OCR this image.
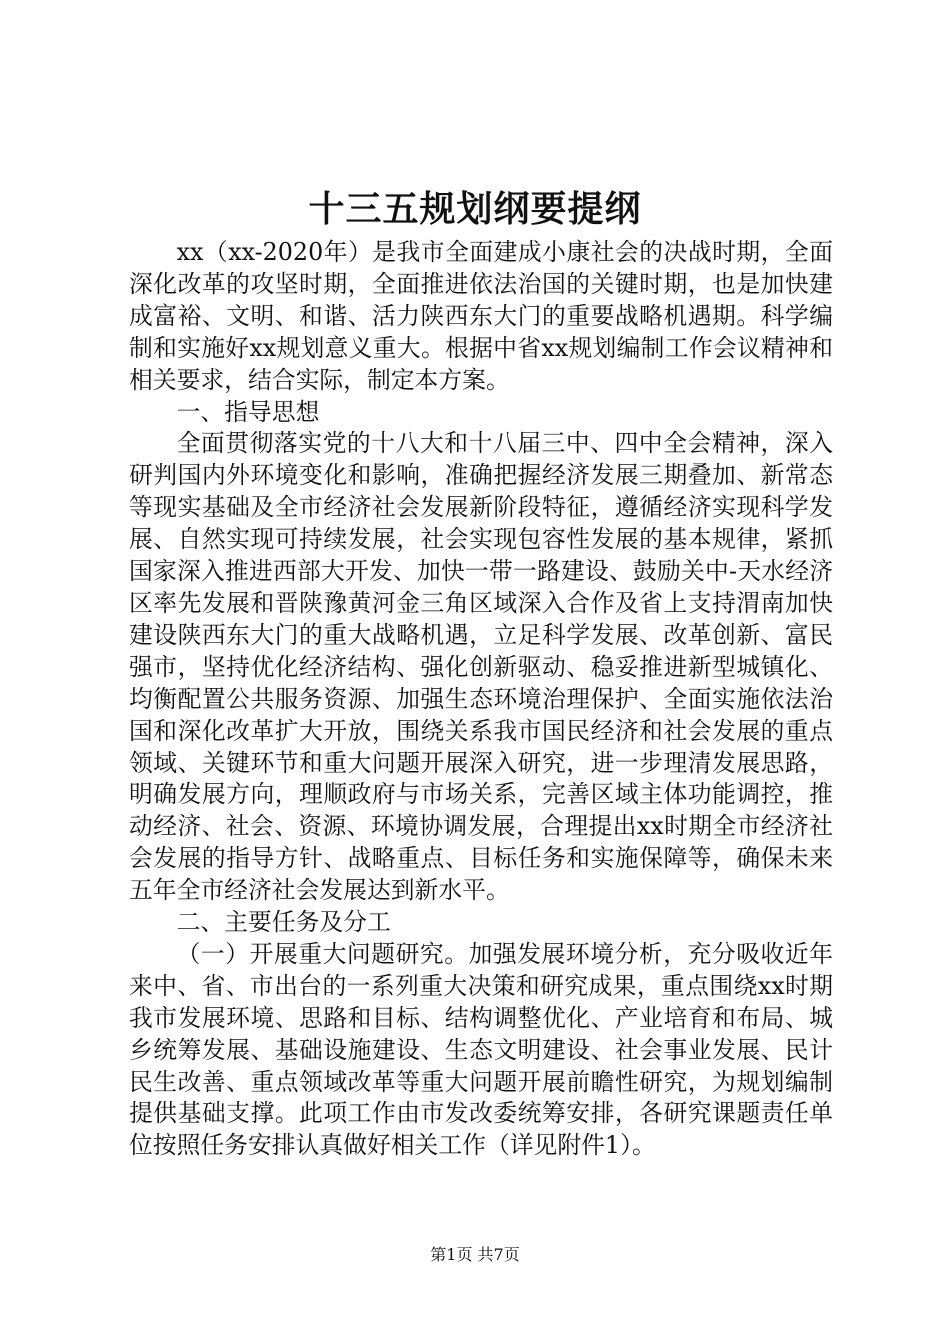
十三五规划纲要提纲

xx（xx-2020年）是我市全面建成小康社会的决战时期，全面深化改革的攻坚时期，全面推进依法治国的关键时期，也是加快建成富裕、文明、和谐、活力陕西东大门的重要战略机遇期。科学编制和实施好xx规划意义重大。根据中省xx规划编制工作会议精神和相关要求，结合实际，制定本方案。

一、指导思想

全面贯彻落实党的十八大和十八届三中、四中全会精神，深入研判国内外环境变化和影响，准确把握经济发展三期叠加、新常态等现实基础及全市经济社会发展新阶段特征，遵循经济实现科学发展、自然实现可持续发展，社会实现包容性发展的基本规律，紧抓国家深入推进西部大开发、加快一带一路建设、鼓励关中-天水经济区率先发展和晋陕豫黄河金三角区域深入合作及省上支持渭南加快建设陕西东大门的重大战略机遇，立足科学发展、改革创新、富民强市，坚持优化经济结构、强化创新驱动、稳妥推进新型城镇化、均衡配置公共服务资源、加强生态环境治理保护、全面实施依法治国和深化改革扩大开放，围绕关系我市国民经济和社会发展的重点领域、关键环节和重大问题开展深入研究，进一步理清发展思路，明确发展方向，理顺政府与市场关系，完善区域主体功能调控，推动经济、社会、资源、环境协调发展，合理提出xx时期全市经济社会发展的指导方针、战略重点、目标任务和实施保障等，确保未来五年全市经济社会发展达到新水平。

二、主要任务及分工

（一）开展重大问题研究。加强发展环境分析，充分吸收近年来中、省、市出台的一系列重大决策和研究成果，重点围绕xx时期我市发展环境、思路和目标、结构调整优化、产业培育和布局、城乡统筹发展、基础设施建设、生态文明建设、社会事业发展、民计民生改善、重点领域改革等重大问题开展前瞻性研究，为规划编制提供基础支撑。此项工作由市发改委统筹安排，各研究课题责任单位按照任务安排认真做好相关工作（详见附件1）。

第1页 共7页
